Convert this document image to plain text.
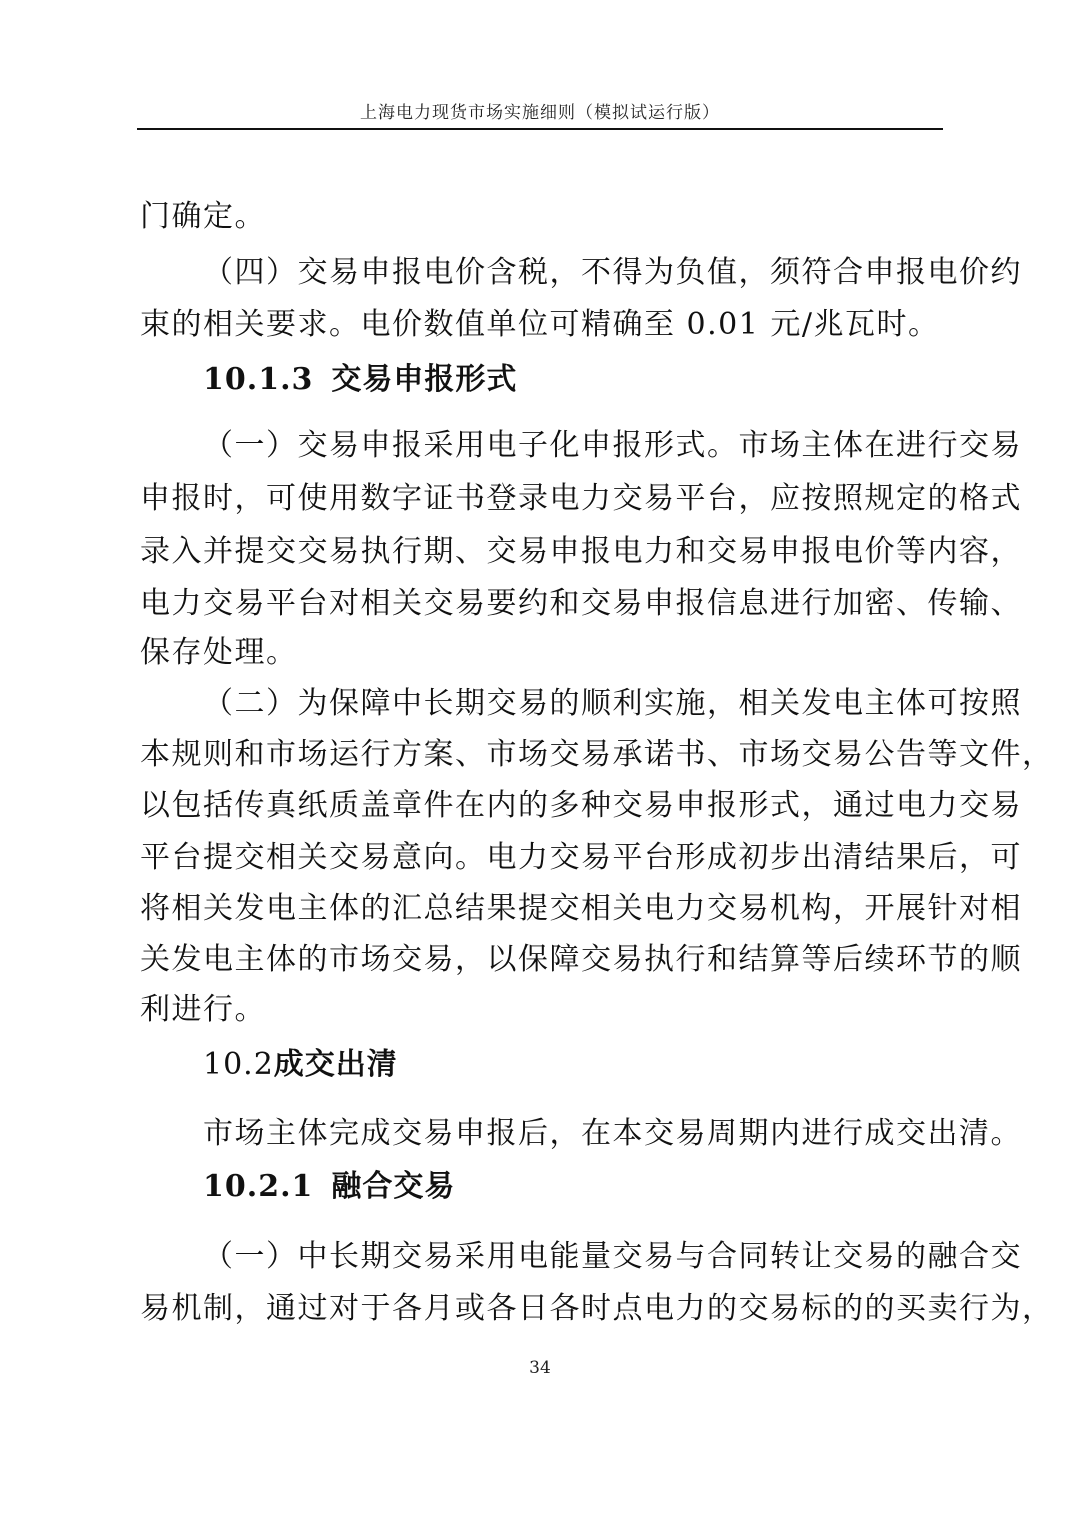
上海电力现货市场实施细则（模拟试运行版）
门确定。
（四）交易申报电价含税，不得为负值，须符合申报电价约
束的相关要求。电价数值单位可精确至 0.01 元/兆瓦时。
10.1.3 交易申报形式
（一）交易申报采用电子化申报形式。市场主体在进行交易
申报时，可使用数字证书登录电力交易平台，应按照规定的格式
录入并提交交易执行期、交易申报电力和交易申报电价等内容，
电力交易平台对相关交易要约和交易申报信息进行加密、传输、
保存处理。
（二）为保障中长期交易的顺利实施，相关发电主体可按照
本规则和市场运行方案、市场交易承诺书、市场交易公告等文件，
以包括传真纸质盖章件在内的多种交易申报形式，通过电力交易
平台提交相关交易意向。电力交易平台形成初步出清结果后，可
将相关发电主体的汇总结果提交相关电力交易机构，开展针对相
关发电主体的市场交易，以保障交易执行和结算等后续环节的顺
利进行。
10.2成交出清
市场主体完成交易申报后，在本交易周期内进行成交出清。
10.2.1 融合交易
（一）中长期交易采用电能量交易与合同转让交易的融合交
易机制，通过对于各月或各日各时点电力的交易标的的买卖行为，
34
